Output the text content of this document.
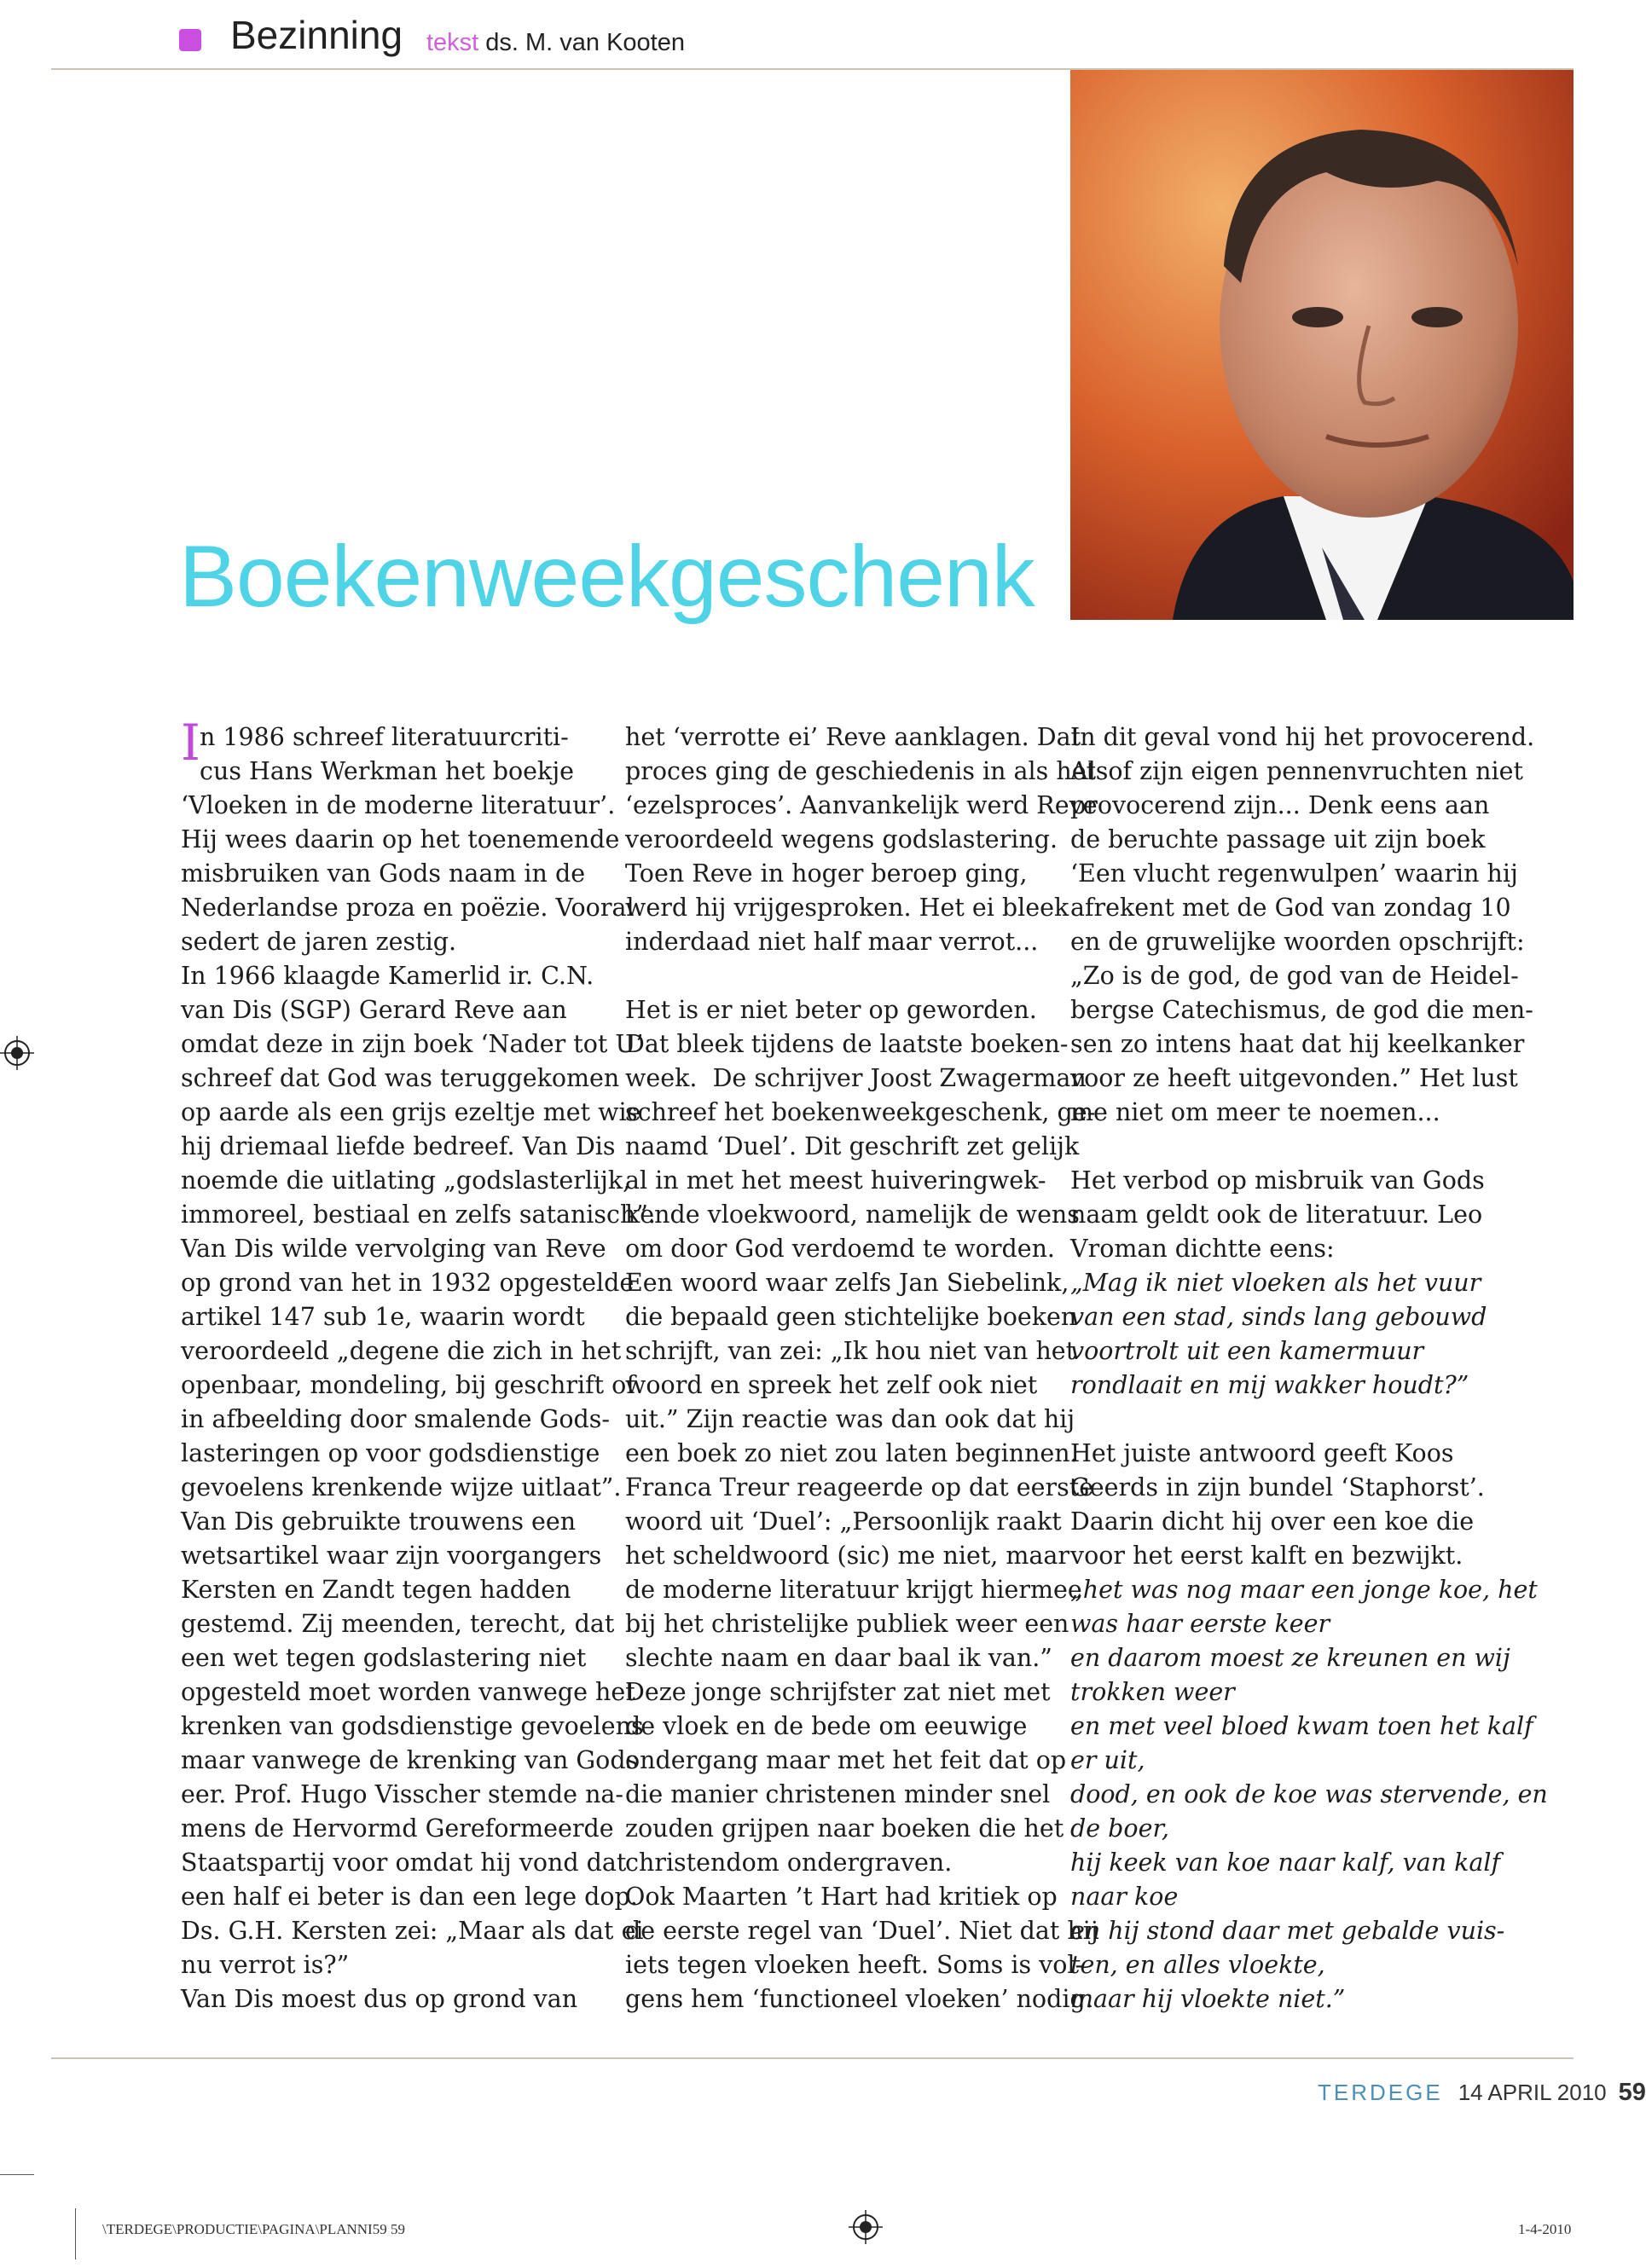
Bezinning tekst ds. M. van Kooten
Boekenweekgeschenk
I n 1986 schreef literatuurcriti-

cus Hans Werkman het boekje

‘Vloeken in de moderne literatuur’.

Hij wees daarin op het toenemende

misbruiken van Gods naam in de

Nederlandse proza en poëzie. Vooral

sedert de jaren zestig.

In 1966 klaagde Kamerlid ir. C.N.

van Dis (SGP) Gerard Reve aan

omdat deze in zijn boek ‘Nader tot U’

schreef dat God was teruggekomen

op aarde als een grijs ezeltje met wie

hij driemaal liefde bedreef. Van Dis

noemde die uitlating „godslasterlijk,

immoreel, bestiaal en zelfs satanisch”.

Van Dis wilde vervolging van Reve

op grond van het in 1932 opgestelde

artikel 147 sub 1e, waarin wordt

veroordeeld „degene die zich in het

openbaar, mondeling, bij geschrift of

in afbeelding door smalende Gods-

lasteringen op voor godsdienstige

gevoelens krenkende wijze uitlaat”.

Van Dis gebruikte trouwens een

wetsartikel waar zijn voorgangers

Kersten en Zandt tegen hadden

gestemd. Zij meenden, terecht, dat

een wet tegen godslastering niet

opgesteld moet worden vanwege het

krenken van godsdienstige gevoelens

maar vanwege de krenking van Gods

eer. Prof. Hugo Visscher stemde na-

mens de Hervormd Gereformeerde

Staatspartij voor omdat hij vond dat

een half ei beter is dan een lege dop.

Ds. G.H. Kersten zei: „Maar als dat ei

nu verrot is?”

Van Dis moest dus op grond van

het ‘verrotte ei’ Reve aanklagen. Dat

proces ging de geschiedenis in als het

‘ezelsproces’. Aanvankelijk werd Reve

veroordeeld wegens godslastering.

Toen Reve in hoger beroep ging,

werd hij vrijgesproken. Het ei bleek

inderdaad niet half maar verrot...

Het is er niet beter op geworden.

Dat bleek tijdens de laatste boeken-

week.  De schrijver Joost Zwagerman

schreef het boekenweekgeschenk, ge-

naamd ‘Duel’. Dit geschrift zet gelijk

al in met het meest huiveringwek-

kende vloekwoord, namelijk de wens

om door God verdoemd te worden.

Een woord waar zelfs Jan Siebelink,

die bepaald geen stichtelijke boeken

schrijft, van zei: „Ik hou niet van het

woord en spreek het zelf ook niet

uit.” Zijn reactie was dan ook dat hij

een boek zo niet zou laten beginnen.

Franca Treur reageerde op dat eerste

woord uit ‘Duel’: „Persoonlijk raakt

het scheldwoord (sic) me niet, maar

de moderne literatuur krijgt hiermee

bij het christelijke publiek weer een

slechte naam en daar baal ik van.”

Deze jonge schrijfster zat niet met

de vloek en de bede om eeuwige

ondergang maar met het feit dat op

die manier christenen minder snel

zouden grijpen naar boeken die het

christendom ondergraven.

Ook Maarten ’t Hart had kritiek op

de eerste regel van ‘Duel’. Niet dat hij

iets tegen vloeken heeft. Soms is vol-

gens hem ‘functioneel vloeken’ nodig.

In dit geval vond hij het provocerend.

Alsof zijn eigen pennenvruchten niet

provocerend zijn... Denk eens aan

de beruchte passage uit zijn boek

‘Een vlucht regenwulpen’ waarin hij

afrekent met de God van zondag 10

en de gruwelijke woorden opschrijft:

„Zo is de god, de god van de Heidel-

bergse Catechismus, de god die men-

sen zo intens haat dat hij keelkanker

voor ze heeft uitgevonden.” Het lust

me niet om meer te noemen...

Het verbod op misbruik van Gods

naam geldt ook de literatuur. Leo

Vroman dichtte eens:

„Mag ik niet vloeken als het vuur

van een stad, sinds lang gebouwd

voortrolt uit een kamermuur

rondlaait en mij wakker houdt?”

Het juiste antwoord geeft Koos

Geerds in zijn bundel ‘Staphorst’.

Daarin dicht hij over een koe die

voor het eerst kalft en bezwijkt.

„het was nog maar een jonge koe, het

was haar eerste keer

en daarom moest ze kreunen en wij

trokken weer

en met veel bloed kwam toen het kalf

er uit,

dood, en ook de koe was stervende, en

de boer,

hij keek van koe naar kalf, van kalf

naar koe

en hij stond daar met gebalde vuis-

ten, en alles vloekte,

maar hij vloekte niet.”

TERDEGE 14 APRIL 2010 59
\TERDEGE\PRODUCTIE\PAGINA\PLANNI59 59	1-4-2010
